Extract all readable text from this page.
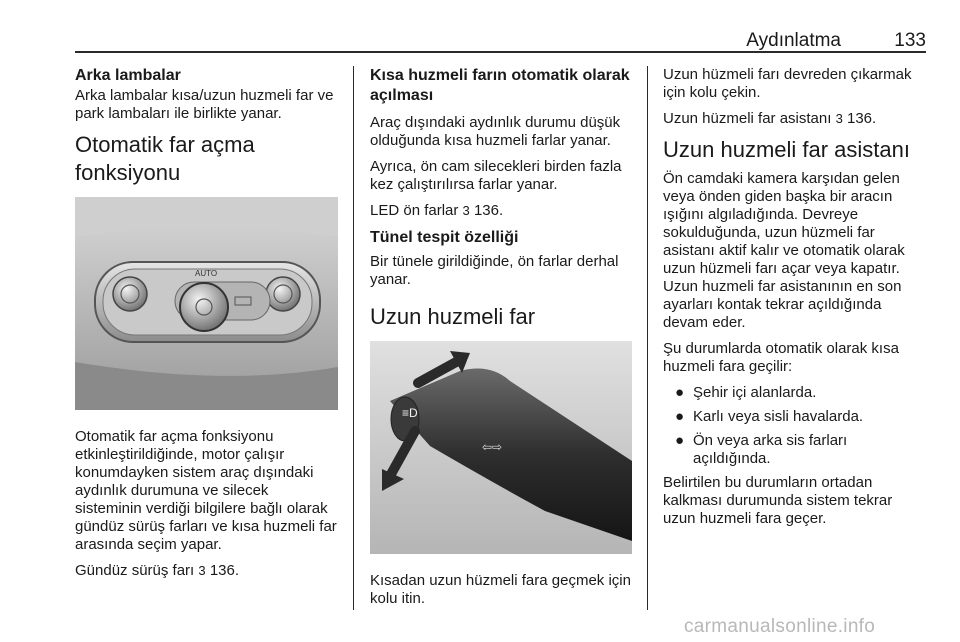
Aydınlatma	133
Arka lambalar

Arka lambalar kısa/uzun huzmeli far ve park lambaları ile birlikte yanar.

Otomatik far açma fonksiyonu
AUTO

Otomatik far açma fonksiyonu etkinleştirildiğinde, motor çalışır konumdayken sistem araç dışındaki aydınlık durumuna ve silecek sisteminin verdiği bilgilere bağlı olarak gündüz sürüş farları ve kısa huzmeli far arasında seçim yapar.

Gündüz sürüş farı 3 136.

Kısa huzmeli farın otomatik olarak açılması

Araç dışındaki aydınlık durumu düşük olduğunda kısa huzmeli farlar yanar.

Ayrıca, ön cam silecekleri birden fazla kez çalıştırılırsa farlar yanar.

LED ön farlar 3 136.

Tünel tespit özelliği

Bir tünele girildiğinde, ön farlar derhal yanar.

Uzun huzmeli far
≡D
⇦⇨

Kısadan uzun hüzmeli fara geçmek için kolu itin.

Uzun hüzmeli farı devreden çıkarmak için kolu çekin.

Uzun hüzmeli far asistanı 3 136.

Uzun huzmeli far asistanı

Ön camdaki kamera karşıdan gelen veya önden giden başka bir aracın ışığını algıladığında. Devreye sokulduğunda, uzun hüzmeli far asistanı aktif kalır ve otomatik olarak uzun hüzmeli farı açar veya kapatır. Uzun huzmeli far asistanının en son ayarları kontak tekrar açıldığında devam eder.

Şu durumlarda otomatik olarak kısa huzmeli fara geçilir:

● Şehir içi alanlarda.
● Karlı veya sisli havalarda.
● Ön veya arka sis farları açıldığında.

Belirtilen bu durumların ortadan kalkması durumunda sistem tekrar uzun huzmeli fara geçer.

carmanualsonline.info
